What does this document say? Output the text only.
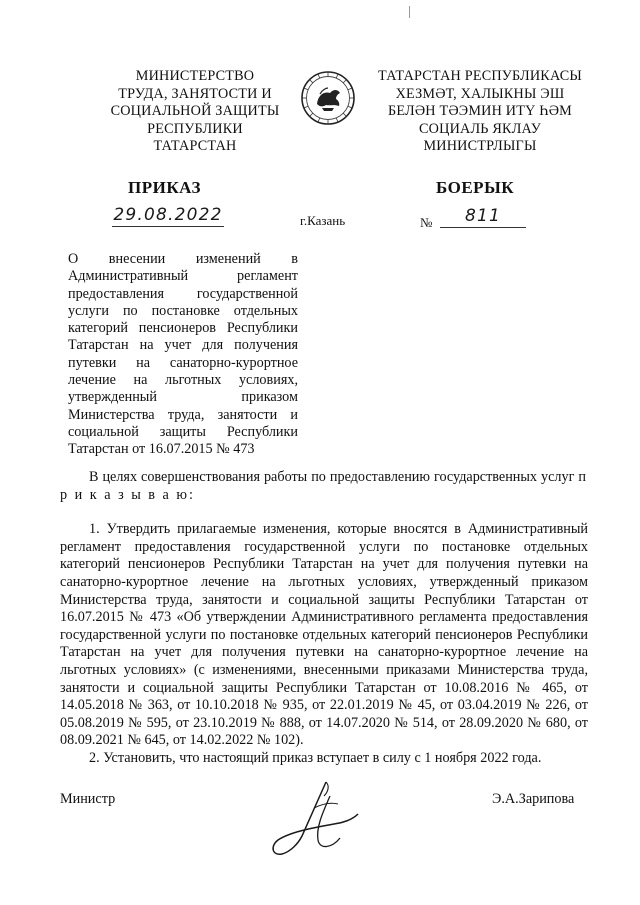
МИНИСТЕРСТВО
ТРУДА, ЗАНЯТОСТИ И
СОЦИАЛЬНОЙ ЗАЩИТЫ
РЕСПУБЛИКИ
ТАТАРСТАН
ТАТАРСТАН РЕСПУБЛИКАСЫ
ХЕЗМӘТ, ХАЛЫКНЫ ЭШ
БЕЛӘН ТӘЭМИН ИТҮ ҺӘМ
СОЦИАЛЬ ЯКЛАУ
МИНИСТРЛЫГЫ
ПРИКАЗ	БОЕРЫК
29.08.2022	г.Казань	№	811
О внесении изменений в Административный регламент предоставления государственной услуги по постановке отдельных категорий пенсионеров Республики Татарстан на учет для получения путевки на санаторно-курортное лечение на льготных условиях, утвержденный приказом Министерства труда, занятости и социальной защиты Республики Татарстан от 16.07.2015 № 473

В целях совершенствования работы по предоставлению государственных услуг п р и к а з ы в а ю:

1. Утвердить прилагаемые изменения, которые вносятся в Административный регламент предоставления государственной услуги по постановке отдельных категорий пенсионеров Республики Татарстан на учет для получения путевки на санаторно-курортное лечение на льготных условиях, утвержденный приказом Министерства труда, занятости и социальной защиты Республики Татарстан от 16.07.2015 № 473 «Об утверждении Административного регламента предоставления государственной услуги по постановке отдельных категорий пенсионеров Республики Татарстан на учет для получения путевки на санаторно-курортное лечение на льготных условиях» (с изменениями, внесенными приказами Министерства труда, занятости и социальной защиты Республики Татарстан от 10.08.2016 № 465, от 14.05.2018 № 363, от 10.10.2018 № 935, от 22.01.2019 № 45, от 03.04.2019 № 226, от 05.08.2019 № 595, от 23.10.2019 № 888, от 14.07.2020 № 514, от 28.09.2020 № 680, от 08.09.2021 № 645, от 14.02.2022 № 102).

2. Установить, что настоящий приказ вступает в силу с 1 ноября 2022 года.

Министр	Э.А.Зарипова
